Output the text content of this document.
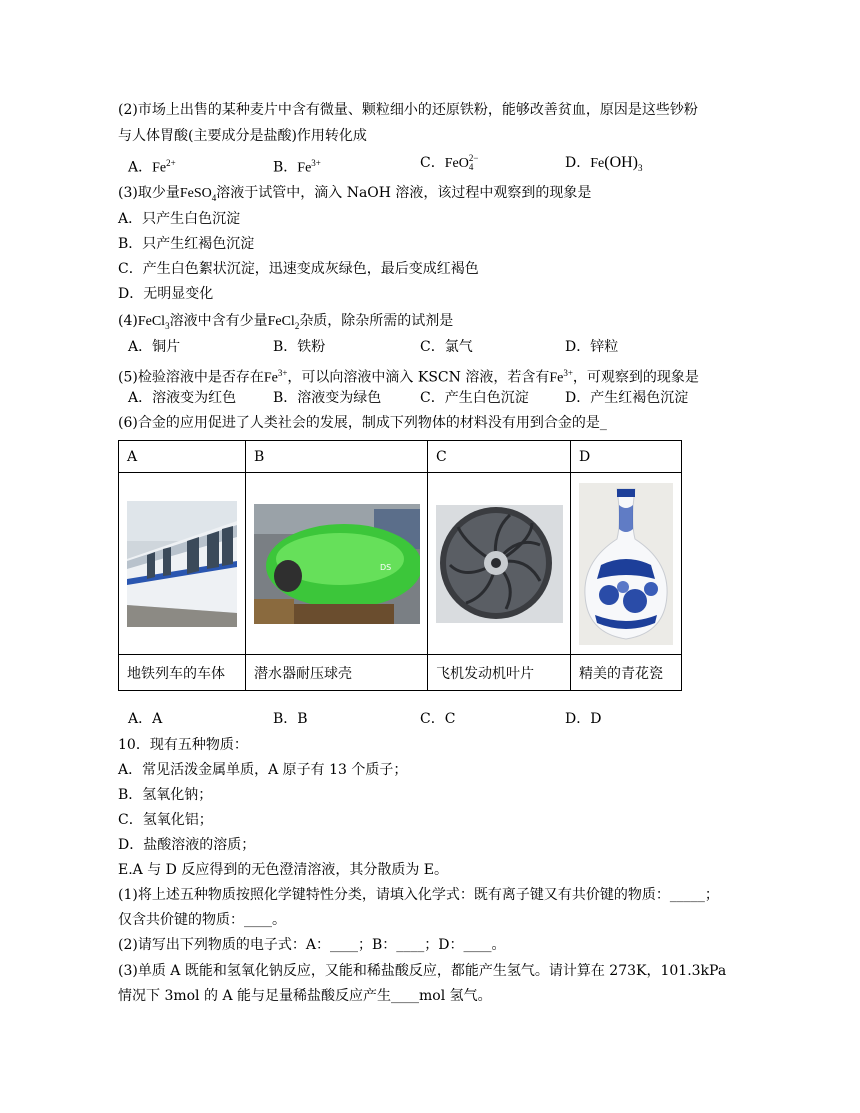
(2)市场上出售的某种麦片中含有微量、颗粒细小的还原铁粉，能够改善贫血，原因是这些钞粉
与人体胃酸(主要成分是盐酸)作用转化成
A．$Fe^{2+}$	B．$Fe^{3+}$	C．FeO 2−
4	D．$Fe(OH)_3$
(3)取少量FeSO$_4$溶液于试管中，滴入 NaOH 溶液，该过程中观察到的现象是
A．只产生白色沉淀
B．只产生红褐色沉淀
C．产生白色絮状沉淀，迅速变成灰绿色，最后变成红褐色
D．无明显变化
(4)FeCl$_3$溶液中含有少量FeCl$_2$杂质，除杂所需的试剂是
A．铜片	B．铁粉	C．氯气	D．锌粒
(5)检验溶液中是否存在$Fe^{3+}$，可以向溶液中滴入 KSCN 溶液，若含有$Fe^{3+}$，可观察到的现象是
A．溶液变为红色	B．溶液变为绿色	C．产生白色沉淀	D．产生红褐色沉淀
(6)合金的应用促进了人类社会的发展，制成下列物体的材料没有用到合金的是_
A	B	C	D

DS

地铁列车的车体	潜水器耐压球壳	飞机发动机叶片	精美的青花瓷
A．A	B．B	C．C	D．D
10．现有五种物质：
A．常见活泼金属单质，A 原子有 13 个质子；
B．氢氧化钠；
C．氢氧化铝；
D．盐酸溶液的溶质；
E.A 与 D 反应得到的无色澄清溶液，其分散质为 E。
(1)将上述五种物质按照化学键特性分类，请填入化学式：既有离子键又有共价键的物质：_____；
仅含共价键的物质：____。
(2)请写出下列物质的电子式：A：____；B：____；D：____。
(3)单质 A 既能和氢氧化钠反应，又能和稀盐酸反应，都能产生氢气。请计算在 273K，101.3kPa
情况下 3mol 的 A 能与足量稀盐酸反应产生____mol 氢气。
